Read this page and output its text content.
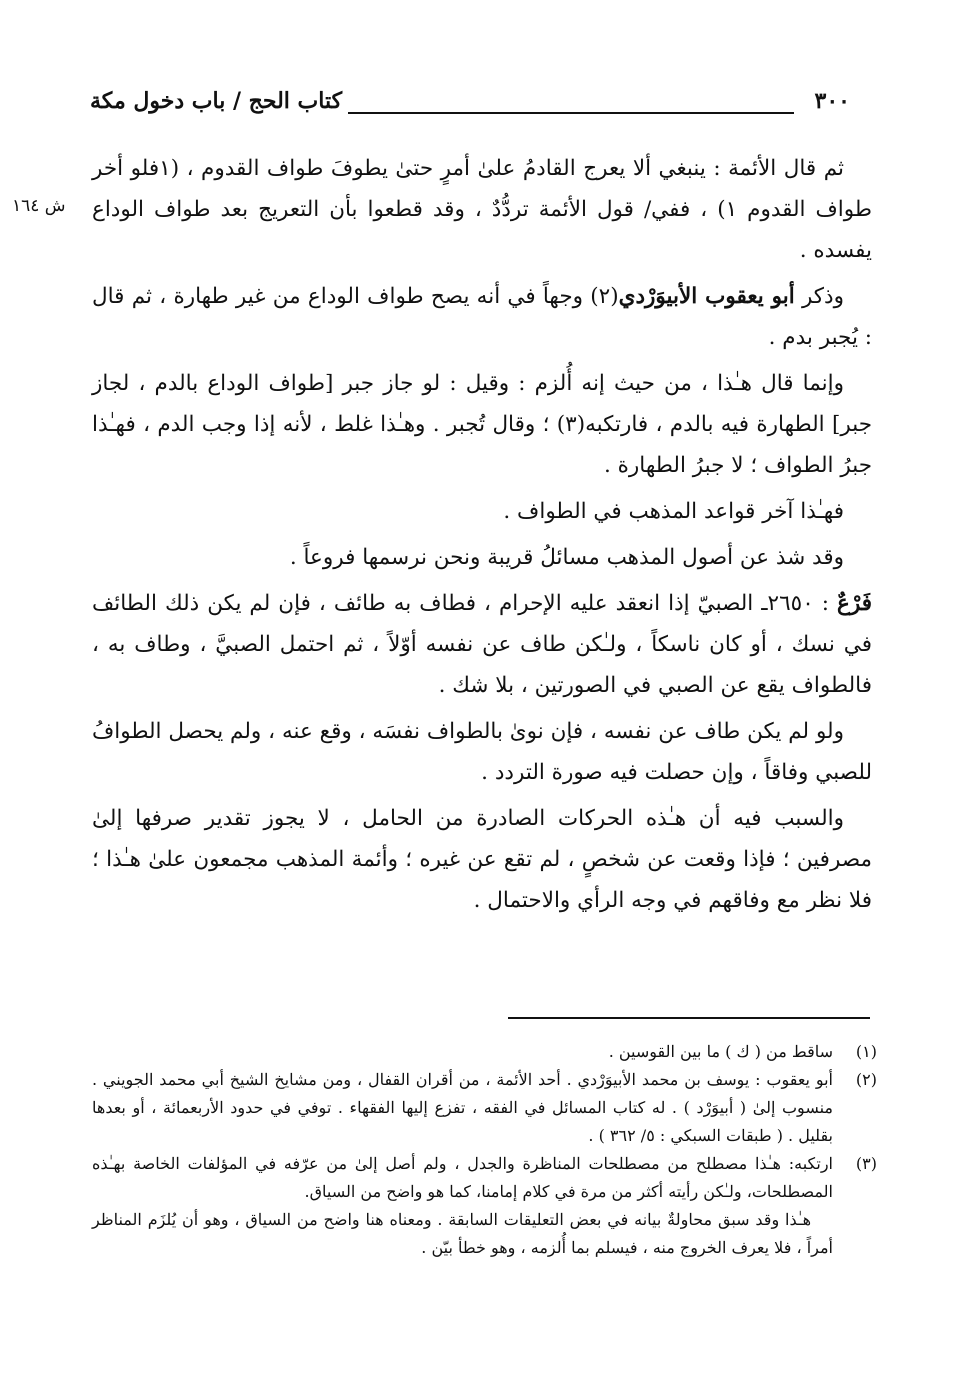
٣٠٠
كتاب الحج / باب دخول مكة
ش ١٦٤

ثم قال الأئمة : ينبغي ألا يعرج القادمُ علىٰ أمرٍ حتىٰ يطوفَ طواف القدوم ، (١فلو أخر طواف القدوم ١) ، ففي/ قول الأئمة تردُّدٌ ، وقد قطعوا بأن التعريج بعد طواف الوداع يفسده .

وذكر أبو يعقوب الأبيوَرْدي(٢) وجهاً في أنه يصح طواف الوداع من غير طهارة ، ثم قال : يُجبر بدم .

وإنما قال هـٰذا ، من حيث إنه أُلزم : وقيل : لو جاز جبر [طواف الوداع بالدم ، لجاز جبر] الطهارة فيه بالدم ، فارتكبه(٣) ؛ وقال تُجبر . وهـٰذا غلط ، لأنه إذا وجب الدم ، فهـٰذا جبرُ الطواف ؛ لا جبرُ الطهارة .

فهـٰذا آخر قواعد المذهب في الطواف .

وقد شذ عن أصول المذهب مسائلُ قريبة ونحن نرسمها فروعاً .

فَرْعٌ : ٢٦٥٠ـ الصبيّ إذا انعقد عليه الإحرام ، فطاف به طائف ، فإن لم يكن ذلك الطائف في نسك ، أو كان ناسكاً ، ولـٰكن طاف عن نفسه أوّلاً ، ثم احتمل الصبيَّ ، وطاف به ، فالطواف يقع عن الصبي في الصورتين ، بلا شك .

ولو لم يكن طاف عن نفسه ، فإن نوىٰ بالطواف نفسَه ، وقع عنه ، ولم يحصل الطوافُ للصبي وفاقاً ، وإن حصلت فيه صورة التردد .

والسبب فيه أن هـٰذه الحركات الصادرة من الحامل ، لا يجوز تقدير صرفها إلىٰ مصرفين ؛ فإذا وقعت عن شخصٍ ، لم تقع عن غيره ؛ وأئمة المذهب مجمعون علىٰ هـٰذا ؛ فلا نظر مع وفاقهم في وجه الرأي والاحتمال .

(١)

ساقط من ( ك ) ما بين القوسين .

(٢)

أبو يعقوب : يوسف بن محمد الأبيوَرْدي . أحد الأئمة ، من أقران القفال ، ومن مشايخ الشيخ أبي محمد الجويني . منسوب إلىٰ ( أبيوَرْد ) . له كتاب المسائل في الفقه ، تفزع إليها الفقهاء . توفي في حدود الأربعمائة ، أو بعدها بقليل . ( طبقات السبكي : ٥/ ٣٦٢ ) .

(٣)

ارتكبه: هـٰذا مصطلح من مصطلحات المناظرة والجدل ، ولم أصل إلىٰ من عرّفه في المؤلفات الخاصة بهـٰذه المصطلحات، ولـٰكن رأيته أكثر من مرة في كلام إمامنا، كما هو واضح من السياق.

هـٰذا وقد سبق محاولةٌ بيانه في بعض التعليقات السابقة . ومعناه هنا واضح من السياق ، وهو أن يُلزَم المناظر أمراً ، فلا يعرف الخروج منه ، فيسلم بما أُلزمه ، وهو خطأ بيّن .
